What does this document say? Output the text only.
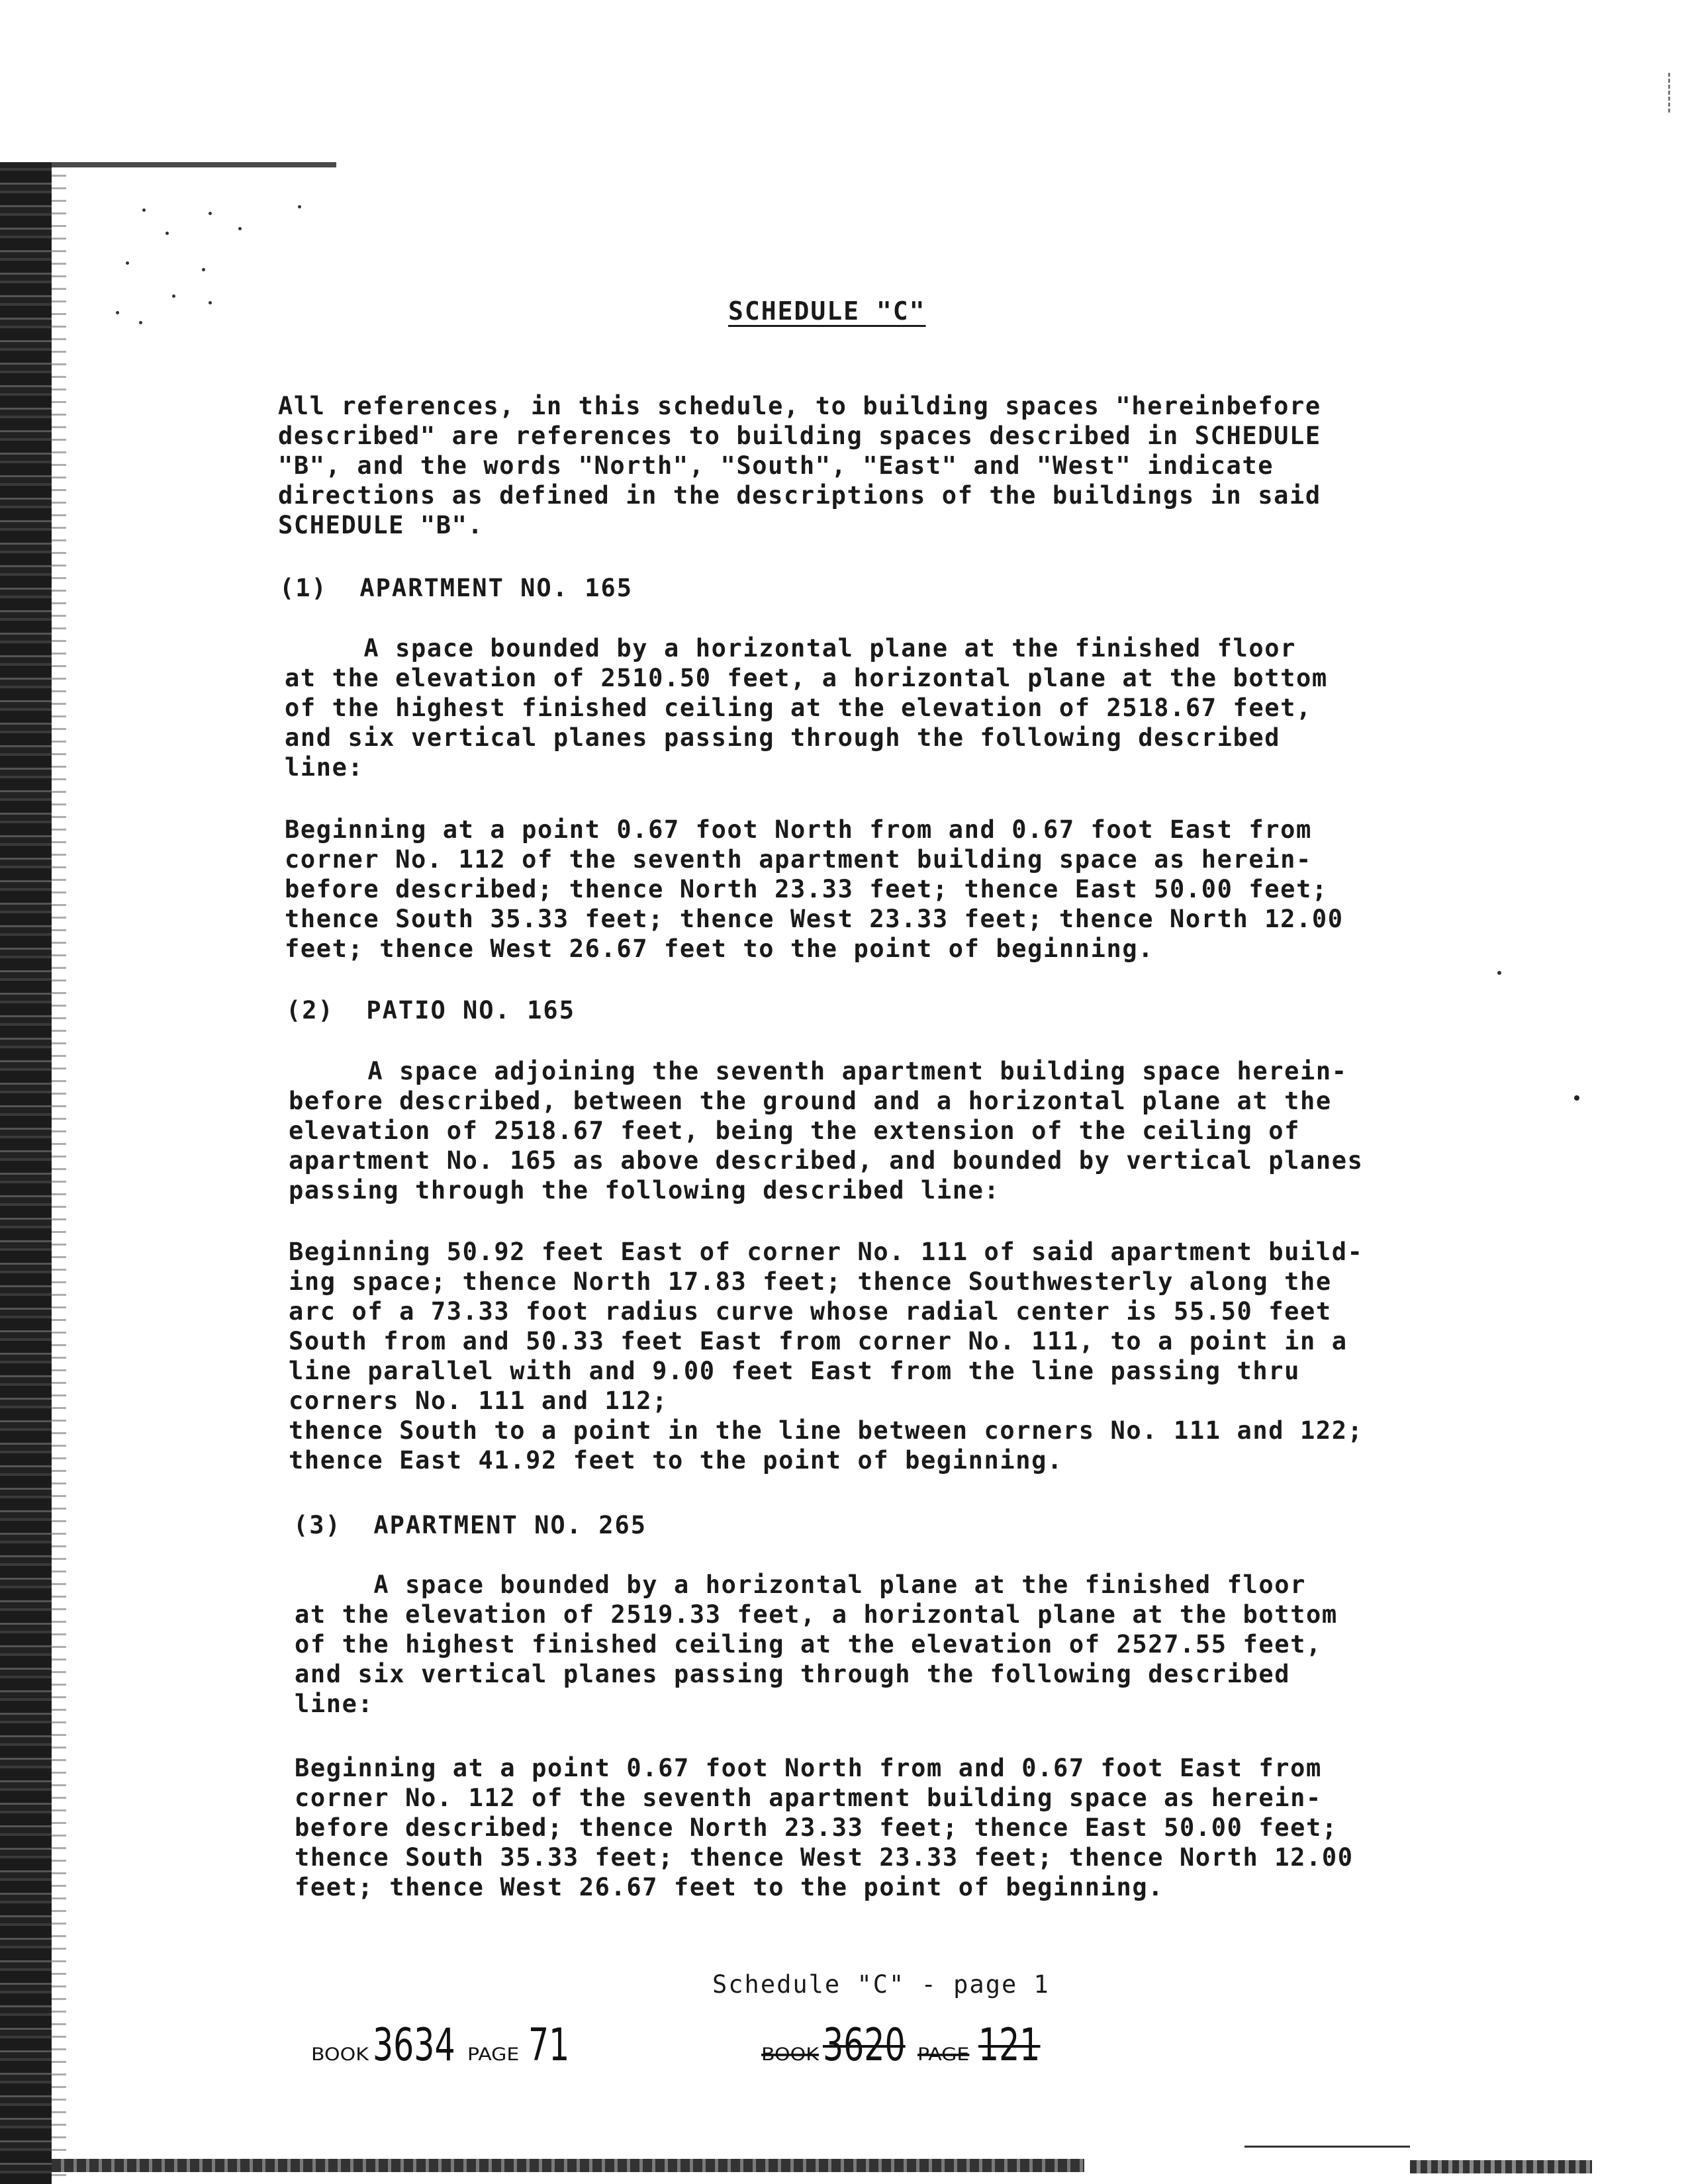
SCHEDULE "C"
All references, in this schedule, to building spaces "hereinbefore
described" are references to building spaces described in SCHEDULE
"B", and the words "North", "South", "East" and "West" indicate
directions as defined in the descriptions of the buildings in said
SCHEDULE "B".
(1)  APARTMENT NO. 165
A space bounded by a horizontal plane at the finished floor
at the elevation of 2510.50 feet, a horizontal plane at the bottom
of the highest finished ceiling at the elevation of 2518.67 feet,
and six vertical planes passing through the following described
line:
Beginning at a point 0.67 foot North from and 0.67 foot East from
corner No. 112 of the seventh apartment building space as herein-
before described; thence North 23.33 feet; thence East 50.00 feet;
thence South 35.33 feet; thence West 23.33 feet; thence North 12.00
feet; thence West 26.67 feet to the point of beginning.
(2)  PATIO NO. 165
A space adjoining the seventh apartment building space herein-
before described, between the ground and a horizontal plane at the
elevation of 2518.67 feet, being the extension of the ceiling of
apartment No. 165 as above described, and bounded by vertical planes
passing through the following described line:
Beginning 50.92 feet East of corner No. 111 of said apartment build-
ing space; thence North 17.83 feet; thence Southwesterly along the
arc of a 73.33 foot radius curve whose radial center is 55.50 feet
South from and 50.33 feet East from corner No. 111, to a point in a
line parallel with and 9.00 feet East from the line passing thru
corners No. 111 and 112;
thence South to a point in the line between corners No. 111 and 122;
thence East 41.92 feet to the point of beginning.
(3)  APARTMENT NO. 265
A space bounded by a horizontal plane at the finished floor
at the elevation of 2519.33 feet, a horizontal plane at the bottom
of the highest finished ceiling at the elevation of 2527.55 feet,
and six vertical planes passing through the following described
line:
Beginning at a point 0.67 foot North from and 0.67 foot East from
corner No. 112 of the seventh apartment building space as herein-
before described; thence North 23.33 feet; thence East 50.00 feet;
thence South 35.33 feet; thence West 23.33 feet; thence North 12.00
feet; thence West 26.67 feet to the point of beginning.
Schedule "C" - page 1
BOOK 3634 PAGE 71	BOOK 3620 PAGE 121
